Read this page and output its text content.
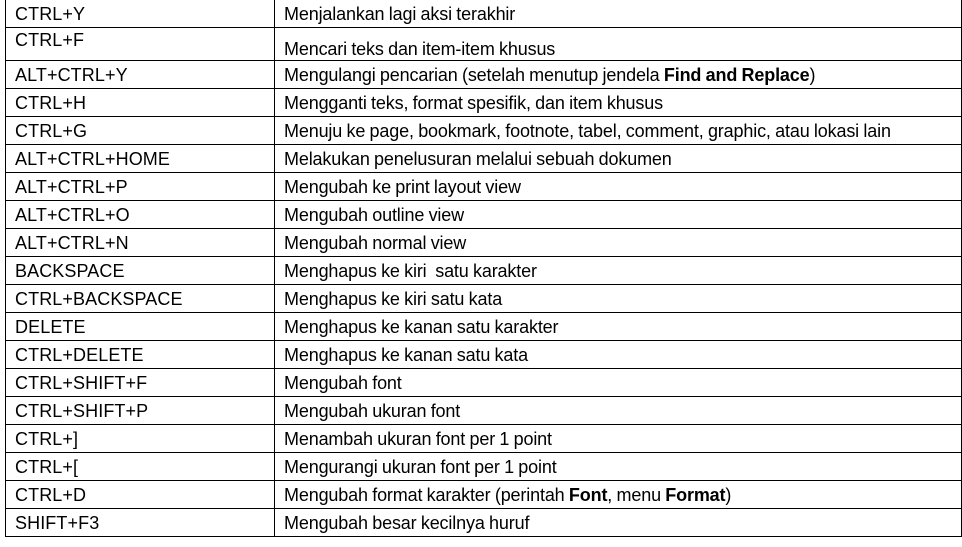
CTRL+Y	Menjalankan lagi aksi terakhir
CTRL+F	Mencari teks dan item-item khusus
ALT+CTRL+Y	Mengulangi pencarian (setelah menutup jendela Find and Replace)
CTRL+H	Mengganti teks, format spesifik, dan item khusus
CTRL+G	Menuju ke page, bookmark, footnote, tabel, comment, graphic, atau lokasi lain
ALT+CTRL+HOME	Melakukan penelusuran melalui sebuah dokumen
ALT+CTRL+P	Mengubah ke print layout view
ALT+CTRL+O	Mengubah outline view
ALT+CTRL+N	Mengubah normal view
BACKSPACE	Menghapus ke kiri  satu karakter
CTRL+BACKSPACE	Menghapus ke kiri satu kata
DELETE	Menghapus ke kanan satu karakter
CTRL+DELETE	Menghapus ke kanan satu kata
CTRL+SHIFT+F	Mengubah font
CTRL+SHIFT+P	Mengubah ukuran font
CTRL+]	Menambah ukuran font per 1 point
CTRL+[	Mengurangi ukuran font per 1 point
CTRL+D	Mengubah format karakter (perintah Font, menu Format)
SHIFT+F3	Mengubah besar kecilnya huruf
